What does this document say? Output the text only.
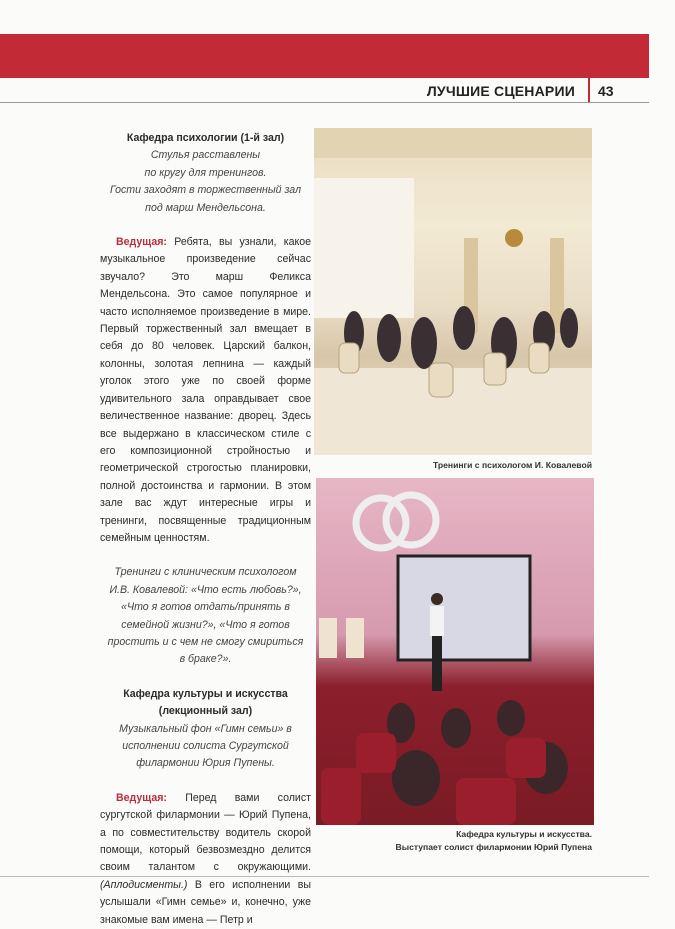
ЛУЧШИЕ СЦЕНАРИИ 43
Кафедра психологии (1-й зал)
Стулья расставлены
по кругу для тренингов.
Гости заходят в торжественный зал
под марш Мендельсона.

Ведущая: Ребята, вы узнали, какое музыкальное произведение сейчас звучало? Это марш Феликса Мендельсона. Это самое популярное и часто исполняемое произведение в мире. Первый торжественный зал вмещает в себя до 80 человек. Царский балкон, колонны, золотая лепнина — каждый уголок этого уже по своей форме удивительного зала оправдывает свое величественное название: дворец. Здесь все выдержано в классическом стиле с его композиционной стройностью и геометрической строгостью планировки, полной достоинства и гармонии. В этом зале вас ждут интересные игры и тренинги, посвященные традиционным семейным ценностям.

Тренинги с клиническим психологом И.В. Ковалевой: «Что есть любовь?», «Что я готов отдать/принять в семейной жизни?», «Что я готов простить и с чем не смогу смириться в браке?».

Кафедра культуры и искусства (лекционный зал)

Музыкальный фон «Гимн семьи» в исполнении солиста Сургутской филармонии Юрия Пупены.

Ведущая: Перед вами солист сургутской филармонии — Юрий Пупена, а по совместительству водитель скорой помощи, который безвозмездно делится своим талантом с окружающими. (Аплодисменты.) В его исполнении вы услышали «Гимн семье» и, конечно, уже знакомые вам имена — Петр и

Тренинги с психологом И. Ковалевой
Кафедра культуры и искусства.
Выступает солист филармонии Юрий Пупена
